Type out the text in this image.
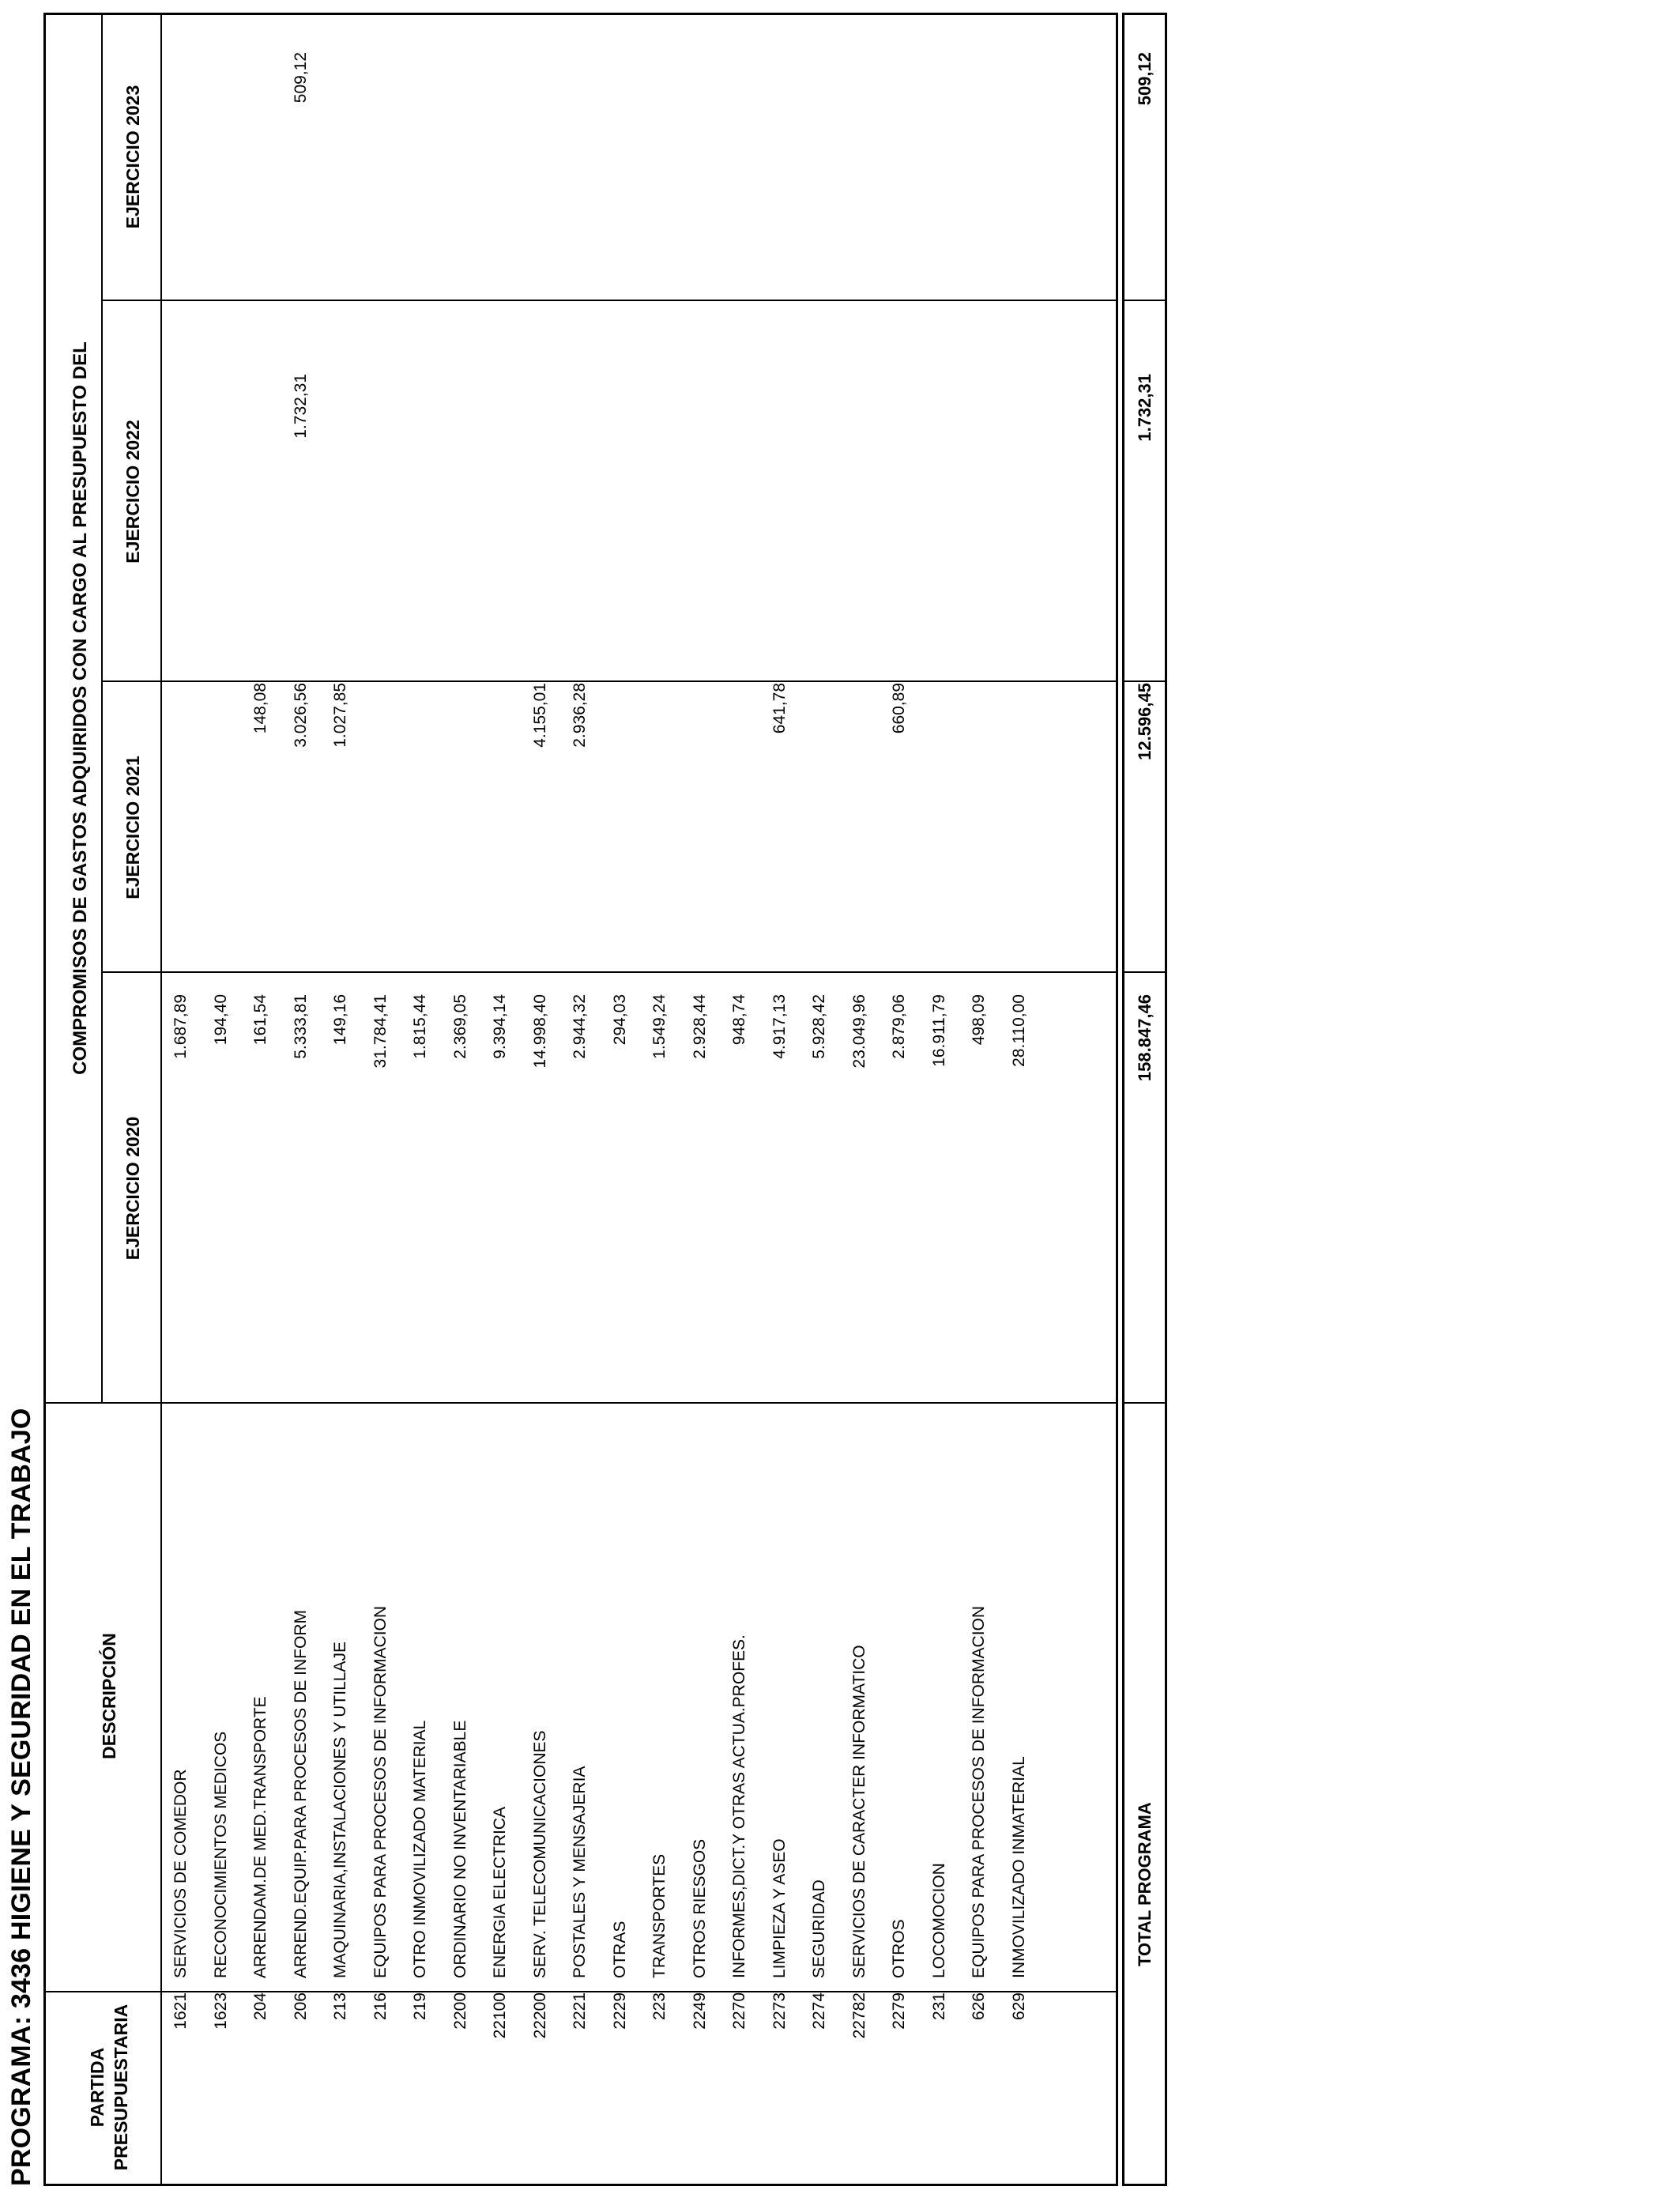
PROGRAMA: 3436 HIGIENE Y SEGURIDAD EN EL TRABAJO	PARTIDA PRESUPUESTARIA
DESCRIPCIÓN
COMPROMISOS DE GASTOS ADQUIRIDOS CON CARGO AL PRESUPUESTO DEL
EJERCICIO 2020
EJERCICIO 2021
EJERCICIO 2022
EJERCICIO 2023
1621
SERVICIOS DE COMEDOR
1.687,89
1623
RECONOCIMIENTOS MEDICOS
194,40
204
ARRENDAM.DE MED.TRANSPORTE
161,54
148,08
206
ARREND.EQUIP.PARA PROCESOS DE INFORM
5.333,81
3.026,56
1.732,31
509,12
213
MAQUINARIA,INSTALACIONES Y UTILLAJE
149,16
1.027,85
216
EQUIPOS PARA PROCESOS DE INFORMACION
31.784,41
219
OTRO INMOVILIZADO MATERIAL
1.815,44
2200
ORDINARIO NO INVENTARIABLE
2.369,05
22100
ENERGIA ELECTRICA
9.394,14
22200
SERV. TELECOMUNICACIONES
14.998,40
4.155,01
2221
POSTALES Y MENSAJERIA
2.944,32
2.936,28
2229
OTRAS
294,03
223
TRANSPORTES
1.549,24
2249
OTROS RIESGOS
2.928,44
2270
INFORMES,DICT.Y OTRAS ACTUA.PROFES.
948,74
2273
LIMPIEZA Y ASEO
4.917,13
641,78
2274
SEGURIDAD
5.928,42
22782
SERVICIOS DE CARACTER INFORMATICO
23.049,96
2279
OTROS
2.879,06
660,89
231
LOCOMOCION
16.911,79
626
EQUIPOS PARA PROCESOS DE INFORMACION
498,09
629
INMOVILIZADO INMATERIAL
28.110,00
TOTAL PROGRAMA
158.847,46
12.596,45
1.732,31
509,12
